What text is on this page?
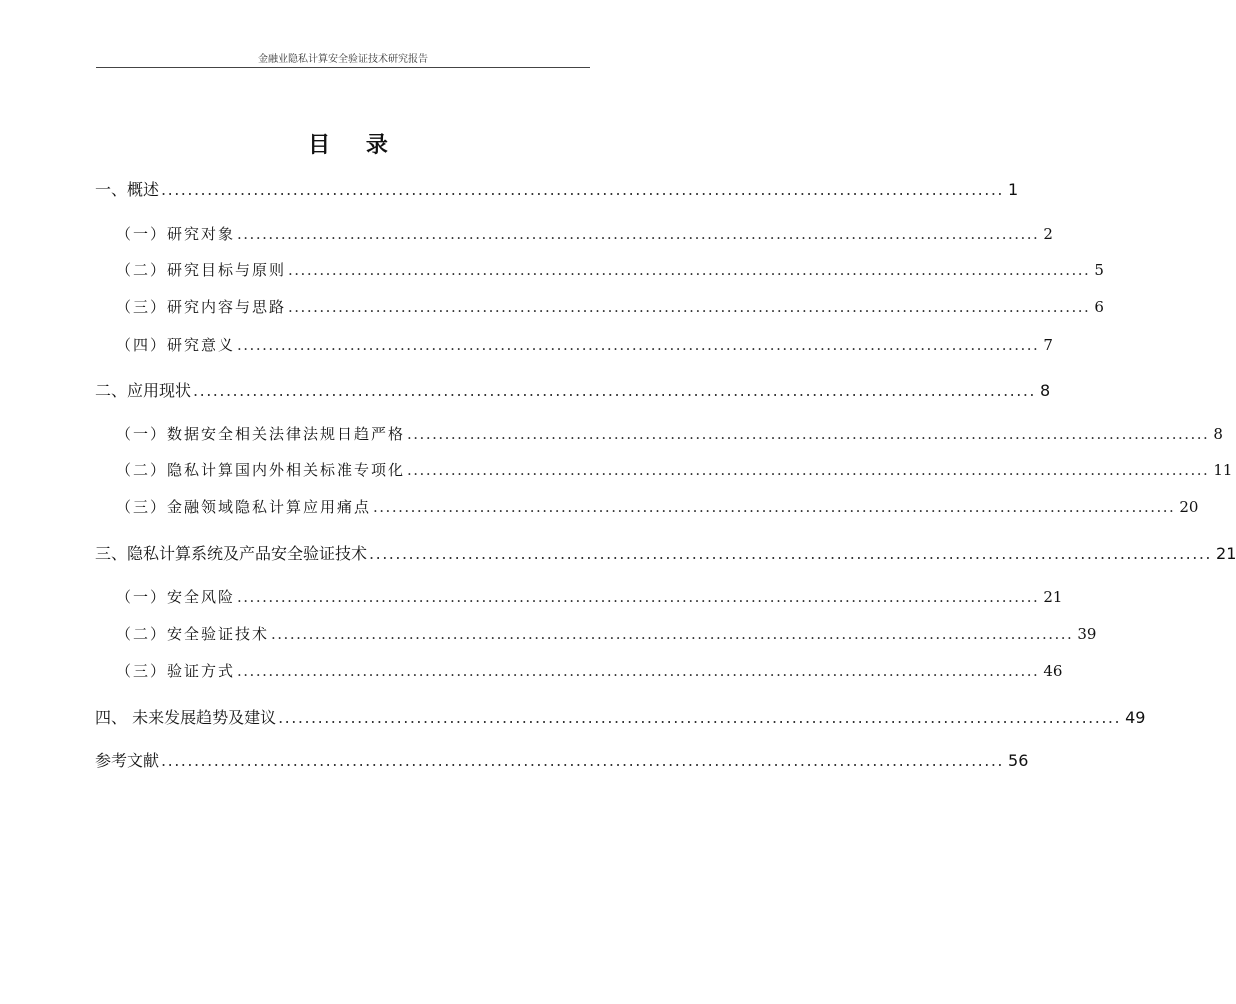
金融业隐私计算安全验证技术研究报告
目 录
一、概述 ................................................................................................................................ 1
（一）研究对象 ................................................................................................................................ 2
（二）研究目标与原则 ................................................................................................................................ 5
（三）研究内容与思路 ................................................................................................................................ 6
（四）研究意义 ................................................................................................................................ 7
二、应用现状 ................................................................................................................................ 8
（一）数据安全相关法律法规日趋严格 ................................................................................................................................ 8
（二）隐私计算国内外相关标准专项化 ................................................................................................................................ 11
（三）金融领域隐私计算应用痛点 ................................................................................................................................ 20
三、隐私计算系统及产品安全验证技术 ................................................................................................................................ 21
（一）安全风险 ................................................................................................................................ 21
（二）安全验证技术 ................................................................................................................................ 39
（三）验证方式 ................................................................................................................................ 46
四、 未来发展趋势及建议 ................................................................................................................................ 49
参考文献 ................................................................................................................................ 56
